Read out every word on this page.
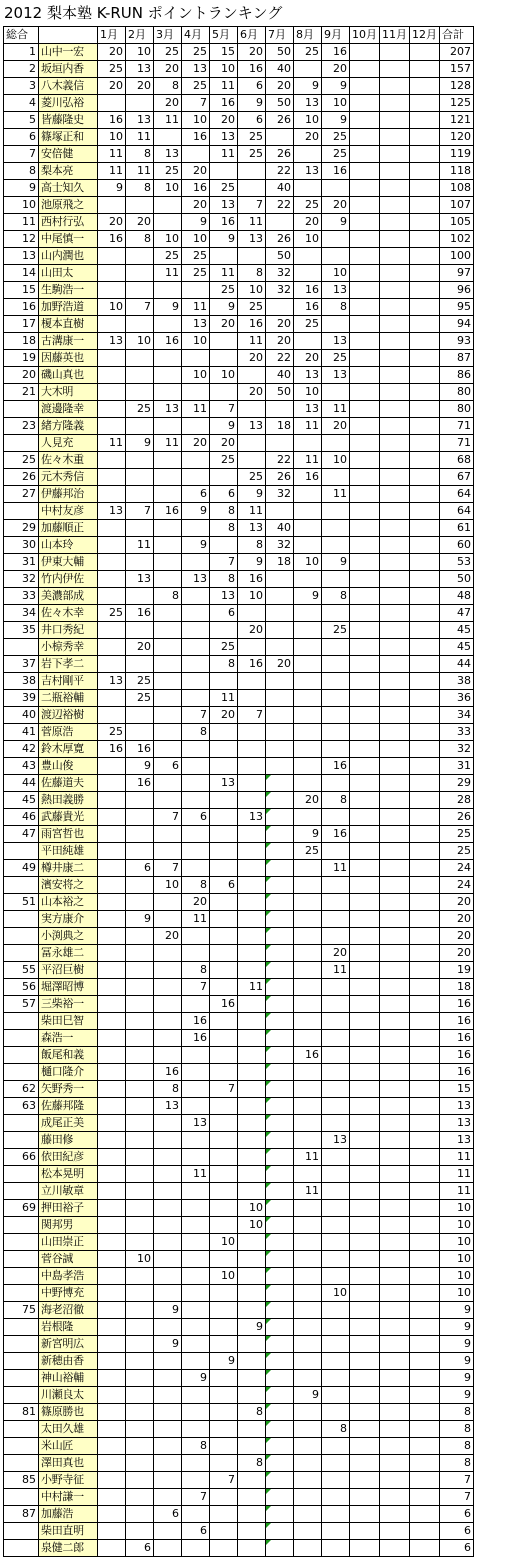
2012 梨本塾 K-RUN ポイントランキング
総合		1月	2月	3月	4月	5月	6月	7月	8月	9月	10月	11月	12月	合計
1	山中一宏	20	10	25	25	15	20	50	25	16				207
2	坂垣内香	25	13	20	13	10	16	40		20				157
3	八木義信	20	20	8	25	11	6	20	9	9				128
4	菱川弘裕			20	7	16	9	50	13	10				125
5	皆藤隆史	16	13	11	10	20	6	26	10	9				121
6	篠塚正和	10	11		16	13	25		20	25				120
7	安倍健	11	8	13		11	25	26		25				119
8	梨本亮	11	11	25	20			22	13	16				118
9	高士知久	9	8	10	16	25		40						108
10	池原飛之				20	13	7	22	25	20				107
11	西村行弘	20	20		9	16	11		20	9				105
12	中尾慎一	16	8	10	10	9	13	26	10					102
13	山内潤也			25	25			50						100
14	山田太			11	25	11	8	32		10				97
15	生駒浩一					25	10	32	16	13				96
16	加野浩道	10	7	9	11	9	25		16	8				95
17	榎本直樹				13	20	16	20	25					94
18	古溝康一	13	10	16	10		11	20		13				93
19	因藤英也						20	22	20	25				87
20	磯山真也				10	10		40	13	13				86
21	大木明						20	50	10					80
	渡邊隆幸		25	13	11	7			13	11				80
23	緒方隆義					9	13	18	11	20				71
	人見充	11	9	11	20	20								71
25	佐々木重					25		22	11	10				68
26	元木秀信						25	26	16					67
27	伊藤邦治				6	6	9	32		11				64
	中村友彦	13	7	16	9	8	11							64
29	加藤順正					8	13	40						61
30	山本玲		11		9		8	32						60
31	伊東大輔					7	9	18	10	9				53
32	竹内伊佐		13		13	8	16							50
33	美濃部成			8		13	10		9	8				48
34	佐々木幸	25	16			6								47
35	井口秀紀						20			25				45
	小椋秀幸		20			25								45
37	岩下孝二					8	16	20						44
38	吉村剛平	13	25											38
39	二瓶裕輔		25			11								36
40	渡辺裕樹				7	20	7							34
41	菅原浩	25			8									33
42	鈴木厚寛	16	16											32
43	豊山俊		9	6						16				31
44	佐藤道夫		16			13								29
45	熱田義勝								20	8				28
46	武藤貴光			7	6		13							26
47	雨宮哲也								9	16				25
	平田純雄								25					25
49	樽井康二		6	7						11				24
	濱安将之			10	8	6								24
51	山本裕之				20									20
	実方康介		9		11									20
	小渕典之			20										20
	冨永雄二									20				20
55	平沼巨樹				8					11				19
56	堀澤昭博				7		11							18
57	三柴裕一					16								16
	柴田巳智				16									16
	森浩一				16									16
	飯尾和義								16					16
	樋口隆介			16										16
62	矢野秀一			8		7								15
63	佐藤邦隆			13										13
	成尾正美				13									13
	藤田修									13				13
66	依田紀彦								11					11
	松本晃明				11									11
	立川敏章								11					11
69	押田裕子						10							10
	関邦男						10							10
	山田崇正					10								10
	菅谷誠		10											10
	中島孝浩					10								10
	中野博充									10				10
75	海老沼徹			9										9
	岩根隆						9							9
	新宮明広			9										9
	新穂由香					9								9
	神山裕輔				9									9
	川瀬良太								9					9
81	篠原勝也						8							8
	太田久雄									8				8
	米山匠				8									8
	澤田真也						8							8
85	小野寺征					7								7
	中村謙一				7									7
87	加藤浩			6										6
	柴田直明				6									6
	泉健二郎		6											6
